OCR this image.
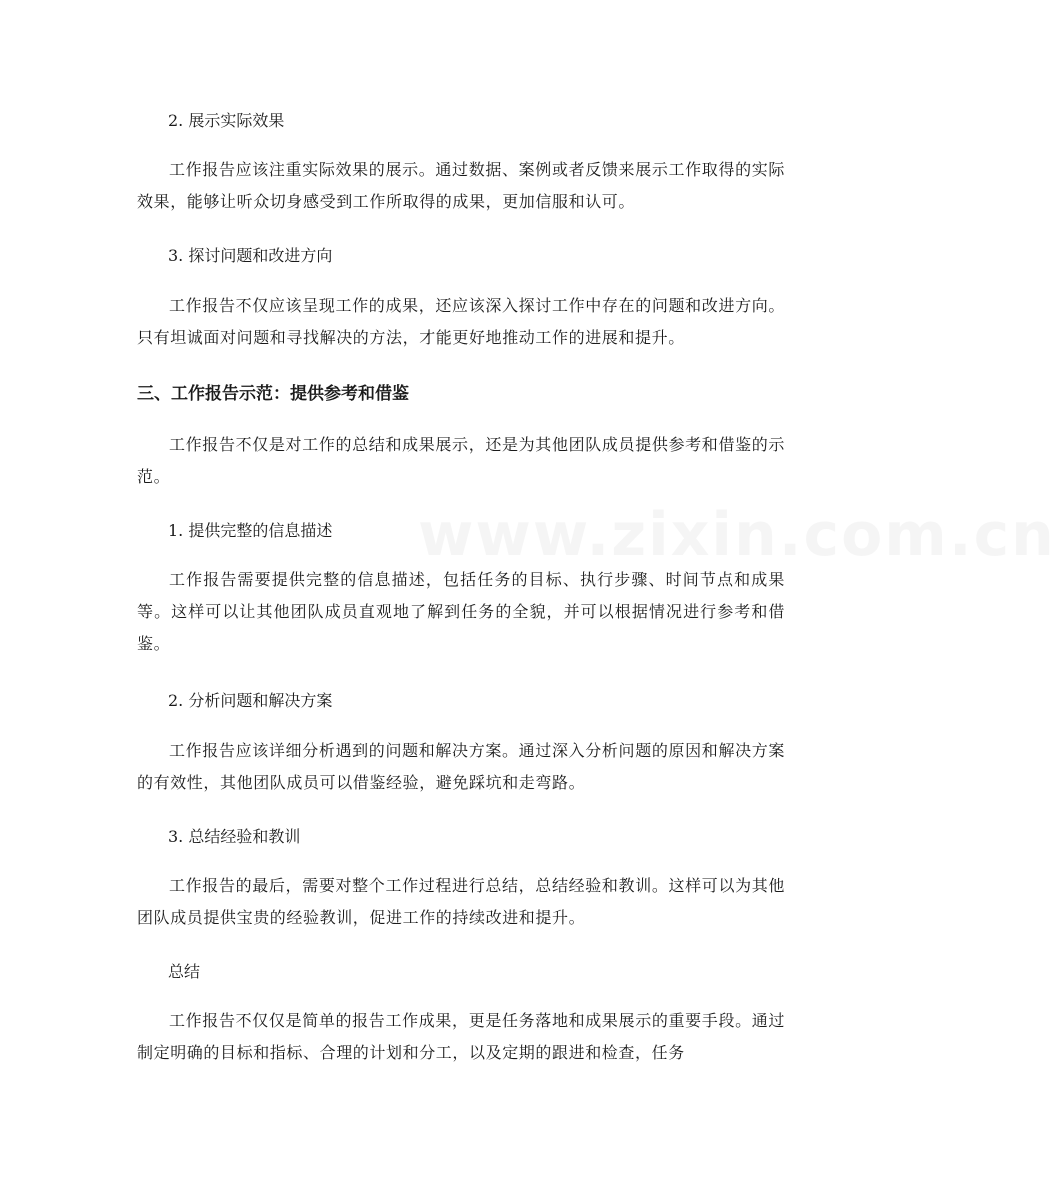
2. 展示实际效果

工作报告应该注重实际效果的展示。通过数据、案例或者反馈来展示工作取得的实际效果，能够让听众切身感受到工作所取得的成果，更加信服和认可。

3. 探讨问题和改进方向

工作报告不仅应该呈现工作的成果，还应该深入探讨工作中存在的问题和改进方向。只有坦诚面对问题和寻找解决的方法，才能更好地推动工作的进展和提升。

三、工作报告示范：提供参考和借鉴

工作报告不仅是对工作的总结和成果展示，还是为其他团队成员提供参考和借鉴的示范。

1. 提供完整的信息描述

工作报告需要提供完整的信息描述，包括任务的目标、执行步骤、时间节点和成果等。这样可以让其他团队成员直观地了解到任务的全貌，并可以根据情况进行参考和借鉴。

2. 分析问题和解决方案

工作报告应该详细分析遇到的问题和解决方案。通过深入分析问题的原因和解决方案的有效性，其他团队成员可以借鉴经验，避免踩坑和走弯路。

3. 总结经验和教训

工作报告的最后，需要对整个工作过程进行总结，总结经验和教训。这样可以为其他团队成员提供宝贵的经验教训，促进工作的持续改进和提升。

总结

工作报告不仅仅是简单的报告工作成果，更是任务落地和成果展示的重要手段。通过制定明确的目标和指标、合理的计划和分工，以及定期的跟进和检查，任务

www.zixin.com.cn
